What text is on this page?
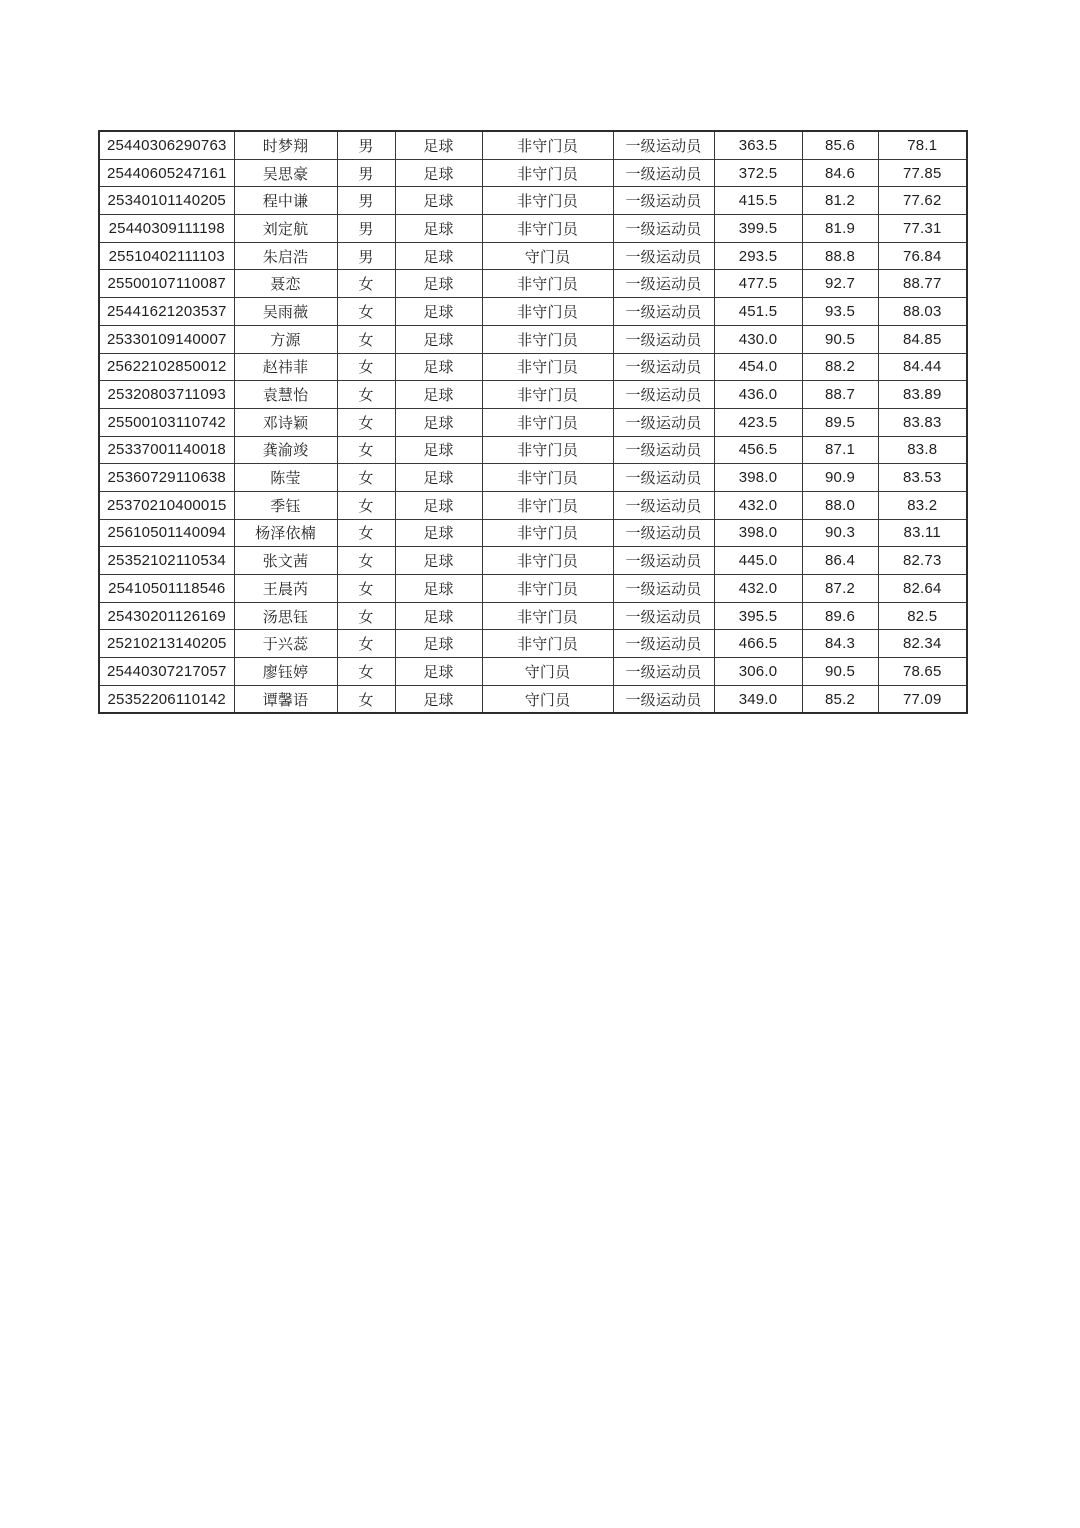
25440306290763	时梦翔	男	足球	非守门员	一级运动员	363.5	85.6	78.1
25440605247161	吴思豪	男	足球	非守门员	一级运动员	372.5	84.6	77.85
25340101140205	程中谦	男	足球	非守门员	一级运动员	415.5	81.2	77.62
25440309111198	刘定航	男	足球	非守门员	一级运动员	399.5	81.9	77.31
25510402111103	朱启浩	男	足球	守门员	一级运动员	293.5	88.8	76.84
25500107110087	聂恋	女	足球	非守门员	一级运动员	477.5	92.7	88.77
25441621203537	吴雨薇	女	足球	非守门员	一级运动员	451.5	93.5	88.03
25330109140007	方源	女	足球	非守门员	一级运动员	430.0	90.5	84.85
25622102850012	赵祎菲	女	足球	非守门员	一级运动员	454.0	88.2	84.44
25320803711093	袁慧怡	女	足球	非守门员	一级运动员	436.0	88.7	83.89
25500103110742	邓诗颖	女	足球	非守门员	一级运动员	423.5	89.5	83.83
25337001140018	龚渝竣	女	足球	非守门员	一级运动员	456.5	87.1	83.8
25360729110638	陈莹	女	足球	非守门员	一级运动员	398.0	90.9	83.53
25370210400015	季钰	女	足球	非守门员	一级运动员	432.0	88.0	83.2
25610501140094	杨泽依楠	女	足球	非守门员	一级运动员	398.0	90.3	83.11
25352102110534	张文茜	女	足球	非守门员	一级运动员	445.0	86.4	82.73
25410501118546	王晨芮	女	足球	非守门员	一级运动员	432.0	87.2	82.64
25430201126169	汤思钰	女	足球	非守门员	一级运动员	395.5	89.6	82.5
25210213140205	于兴蕊	女	足球	非守门员	一级运动员	466.5	84.3	82.34
25440307217057	廖钰婷	女	足球	守门员	一级运动员	306.0	90.5	78.65
25352206110142	谭馨语	女	足球	守门员	一级运动员	349.0	85.2	77.09
